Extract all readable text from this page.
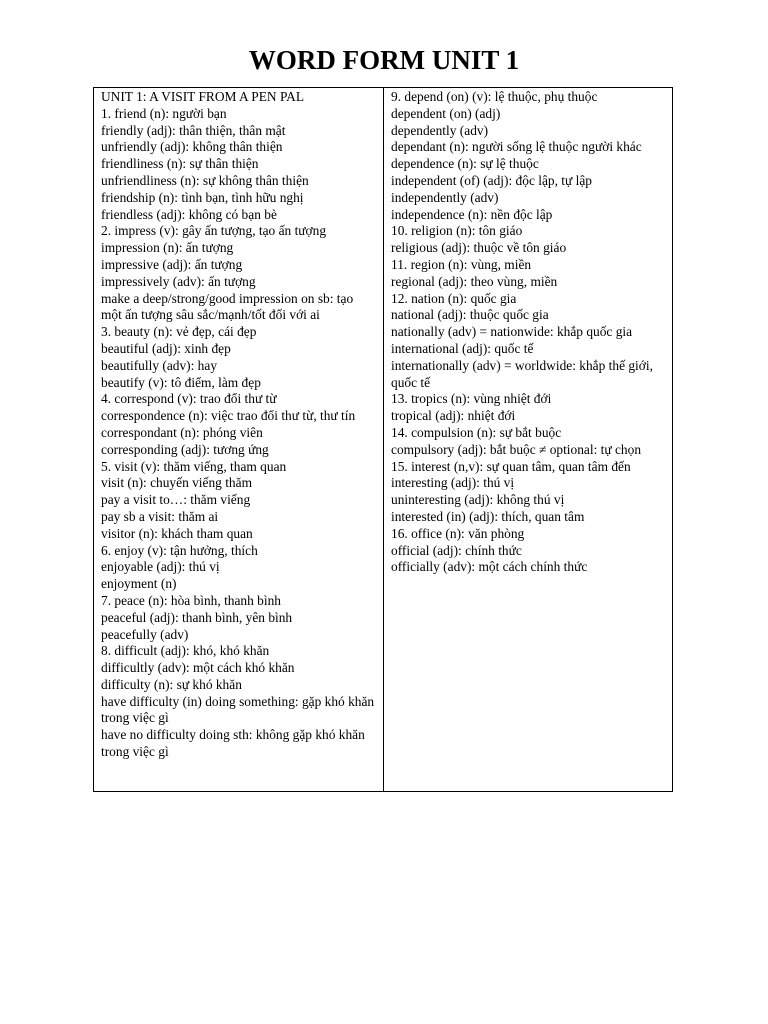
WORD FORM UNIT 1
UNIT 1: A VISIT FROM A PEN PAL
1. friend (n): người bạn
friendly (adj): thân thiện, thân mật
unfriendly (adj): không thân thiện
friendliness (n): sự thân thiện
unfriendliness (n): sự không thân thiện
friendship (n): tình bạn, tình hữu nghị
friendless (adj): không có bạn bè
2. impress (v): gây ấn tượng, tạo ấn tượng
impression (n): ấn tượng
impressive (adj): ấn tượng
impressively (adv): ấn tượng
make a deep/strong/good impression on sb: tạo một ấn tượng sâu sắc/mạnh/tốt đối với ai
3. beauty (n): vẻ đẹp, cái đẹp
beautiful (adj): xinh đẹp
beautifully (adv): hay
beautify (v): tô điểm, làm đẹp
4. correspond (v): trao đổi thư từ
correspondence (n): việc trao đổi thư từ, thư tín
correspondant (n): phóng viên
corresponding (adj): tương ứng
5. visit (v): thăm viếng, tham quan
visit (n): chuyến viếng thăm
pay a visit to…: thăm viếng
pay sb a visit: thăm ai
visitor (n): khách tham quan
6. enjoy (v): tận hưởng, thích
enjoyable (adj): thú vị
enjoyment (n)
7. peace (n): hòa bình, thanh bình
peaceful (adj): thanh bình, yên bình
peacefully (adv)
8. difficult (adj): khó, khó khăn
difficultly (adv): một cách khó khăn
difficulty (n): sự khó khăn
have difficulty (in) doing something: gặp khó khăn trong việc gì
have no difficulty doing sth: không gặp khó khăn trong việc gì
9. depend (on) (v): lệ thuộc, phụ thuộc
dependent (on) (adj)
dependently (adv)
dependant (n): người sống lệ thuộc người khác
dependence (n): sự lệ thuộc
independent (of) (adj): độc lập, tự lập
independently (adv)
independence (n): nền độc lập
10. religion (n): tôn giáo
religious (adj): thuộc về tôn giáo
11. region (n): vùng, miền
regional (adj): theo vùng, miền
12. nation (n): quốc gia
national (adj): thuộc quốc gia
nationally (adv) = nationwide: khắp quốc gia
international (adj): quốc tế
internationally (adv) = worldwide: khắp thế giới, quốc tế
13. tropics (n): vùng nhiệt đới
tropical (adj): nhiệt đới
14. compulsion (n): sự bắt buộc
compulsory (adj): bắt buộc ≠ optional: tự chọn
15. interest (n,v): sự quan tâm, quan tâm đến
interesting (adj): thú vị
uninteresting (adj): không thú vị
interested (in) (adj): thích, quan tâm
16. office (n): văn phòng
official (adj): chính thức
officially (adv): một cách chính thức
